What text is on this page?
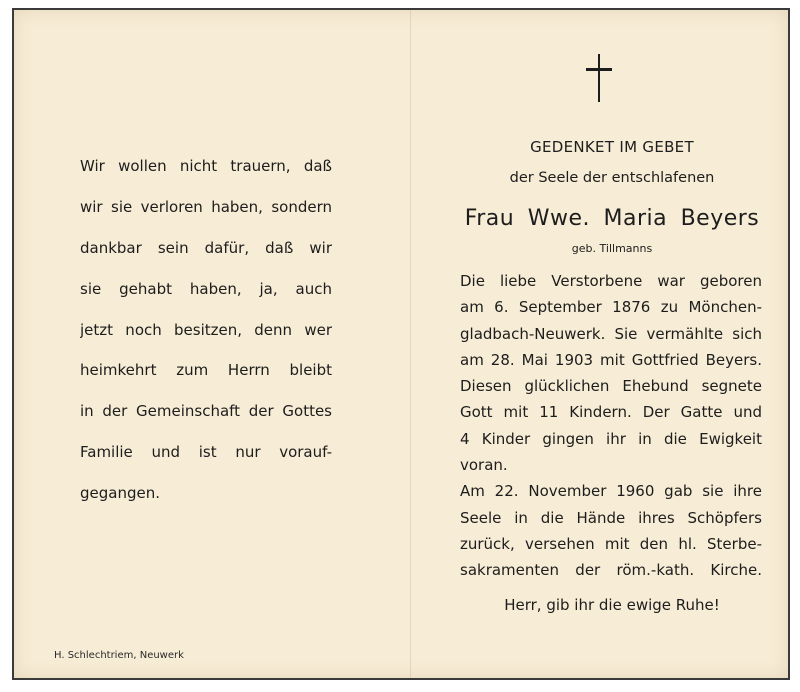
Wir wollen nicht trauern, daß
wir sie verloren haben, sondern
dankbar sein dafür, daß wir
sie gehabt haben, ja, auch
jetzt noch besitzen, denn wer
heimkehrt zum Herrn bleibt
in der Gemeinschaft der Gottes
Familie und ist nur vorauf-
gegangen.
H. Schlechtriem, Neuwerk
GEDENKET IM GEBET
der Seele der entschlafenen
Frau Wwe. Maria Beyers
geb. Tillmanns
Die liebe Verstorbene war geboren
am 6. September 1876 zu Mönchen-
gladbach-Neuwerk. Sie vermählte sich
am 28. Mai 1903 mit Gottfried Beyers.
Diesen glücklichen Ehebund segnete
Gott mit 11 Kindern. Der Gatte und
4 Kinder gingen ihr in die Ewigkeit
voran.
Am 22. November 1960 gab sie ihre
Seele in die Hände ihres Schöpfers
zurück, versehen mit den hl. Sterbe-
sakramenten der röm.-kath. Kirche.
Herr, gib ihr die ewige Ruhe!
